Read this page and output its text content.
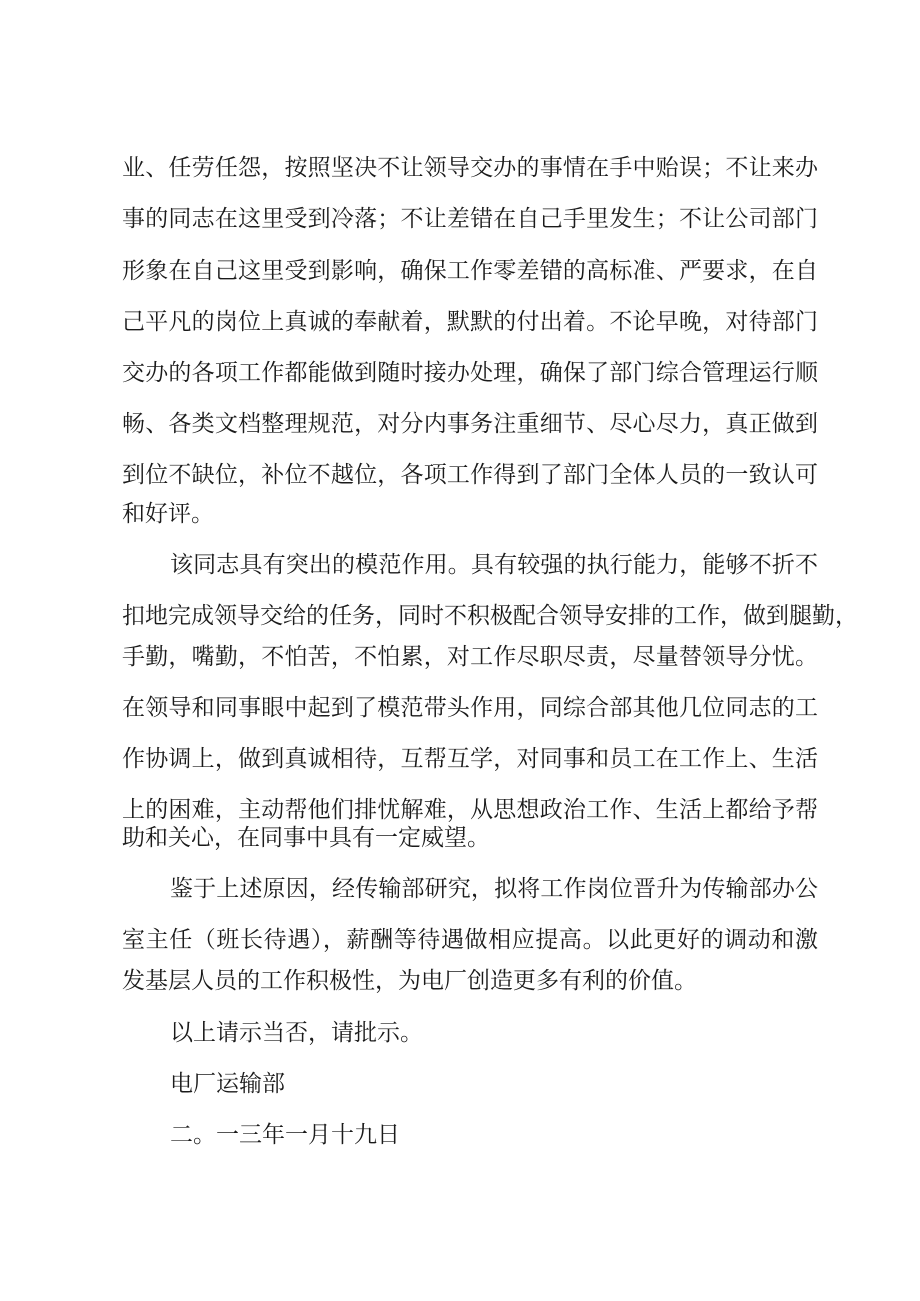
业、任劳任怨，按照坚决不让领导交办的事情在手中贻误；不让来办
事的同志在这里受到冷落；不让差错在自己手里发生；不让公司部门
形象在自己这里受到影响，确保工作零差错的高标准、严要求，在自
己平凡的岗位上真诚的奉献着，默默的付出着。不论早晚，对待部门
交办的各项工作都能做到随时接办处理，确保了部门综合管理运行顺
畅、各类文档整理规范，对分内事务注重细节、尽心尽力，真正做到
到位不缺位，补位不越位，各项工作得到了部门全体人员的一致认可
和好评。
该同志具有突出的模范作用。具有较强的执行能力，能够不折不
扣地完成领导交给的任务，同时不积极配合领导安排的工作，做到腿勤，
手勤，嘴勤，不怕苦，不怕累，对工作尽职尽责，尽量替领导分忧。
在领导和同事眼中起到了模范带头作用，同综合部其他几位同志的工
作协调上，做到真诚相待，互帮互学，对同事和员工在工作上、生活
上的困难，主动帮他们排忧解难，从思想政治工作、生活上都给予帮
助和关心，在同事中具有一定威望。
鉴于上述原因，经传输部研究，拟将工作岗位晋升为传输部办公
室主任（班长待遇），薪酬等待遇做相应提高。以此更好的调动和激
发基层人员的工作积极性，为电厂创造更多有利的价值。
以上请示当否，请批示。
电厂运输部
二。一三年一月十九日
